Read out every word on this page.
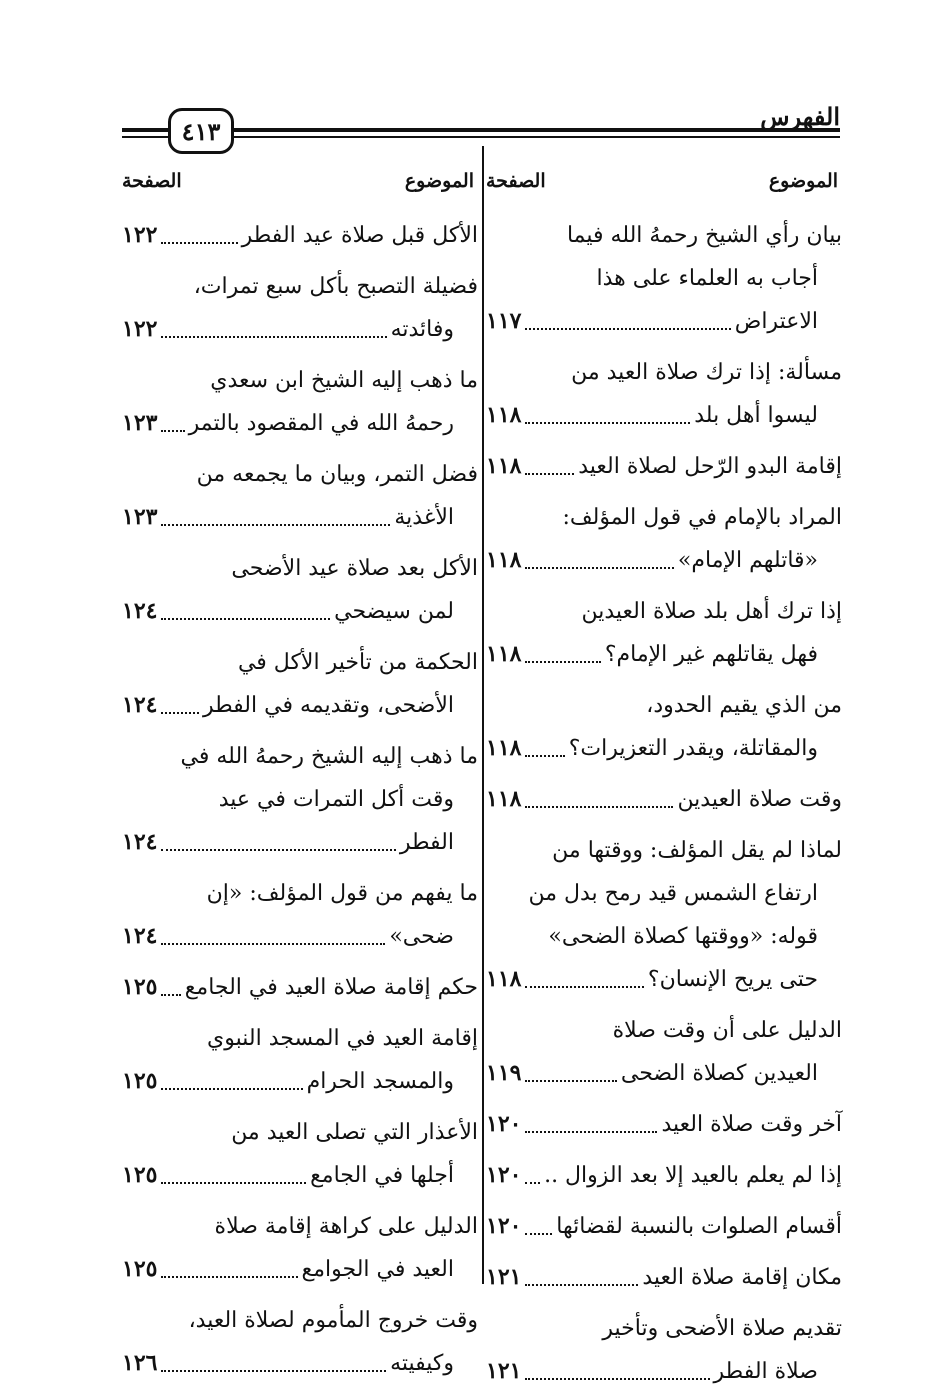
٤١٣	الفهرس
الموضوع
الصفحة
بيان رأي الشيخ رحمهُ الله فيما
أجاب به العلماء على هذا
الاعتراض
١١٧
مسألة: إذا ترك صلاة العيد من
ليسوا أهل بلد
١١٨
إقامة البدو الرّحل لصلاة العيد
١١٨
المراد بالإمام في قول المؤلف:
«قاتلهم الإمام»
١١٨
إذا ترك أهل بلد صلاة العيدين
فهل يقاتلهم غير الإمام؟
١١٨
من الذي يقيم الحدود،
والمقاتلة، ويقدر التعزيرات؟
١١٨
وقت صلاة العيدين
١١٨
لماذا لم يقل المؤلف: ووقتها من
ارتفاع الشمس قيد رمح بدل من
قوله: «ووقتها كصلاة الضحى»
حتى يريح الإنسان؟
١١٨
الدليل على أن وقت صلاة
العيدين كصلاة الضحى
١١٩
آخر وقت صلاة العيد
١٢٠
إذا لم يعلم بالعيد إلا بعد الزوال ..
١٢٠
أقسام الصلوات بالنسبة لقضائها
١٢٠
مكان إقامة صلاة العيد
١٢١
تقديم صلاة الأضحى وتأخير
صلاة الفطر
١٢١
الموضوع
الصفحة
الأكل قبل صلاة عيد الفطر
١٢٢
فضيلة التصبح بأكل سبع تمرات،
وفائدته
١٢٢
ما ذهب إليه الشيخ ابن سعدي
رحمهُ الله في المقصود بالتمر
١٢٣
فضل التمر، وبيان ما يجمعه من
الأغذية
١٢٣
الأكل بعد صلاة عيد الأضحى
لمن سيضحي
١٢٤
الحكمة من تأخير الأكل في
الأضحى، وتقديمه في الفطر
١٢٤
ما ذهب إليه الشيخ رحمهُ الله في
وقت أكل التمرات في عيد
الفطر
١٢٤
ما يفهم من قول المؤلف: «إن
ضحى»
١٢٤
حكم إقامة صلاة العيد في الجامع
١٢٥
إقامة العيد في المسجد النبوي
والمسجد الحرام
١٢٥
الأعذار التي تصلى العيد من
أجلها في الجامع
١٢٥
الدليل على كراهة إقامة صلاة
العيد في الجوامع
١٢٥
وقت خروج المأموم لصلاة العيد،
وكيفيته
١٢٦
